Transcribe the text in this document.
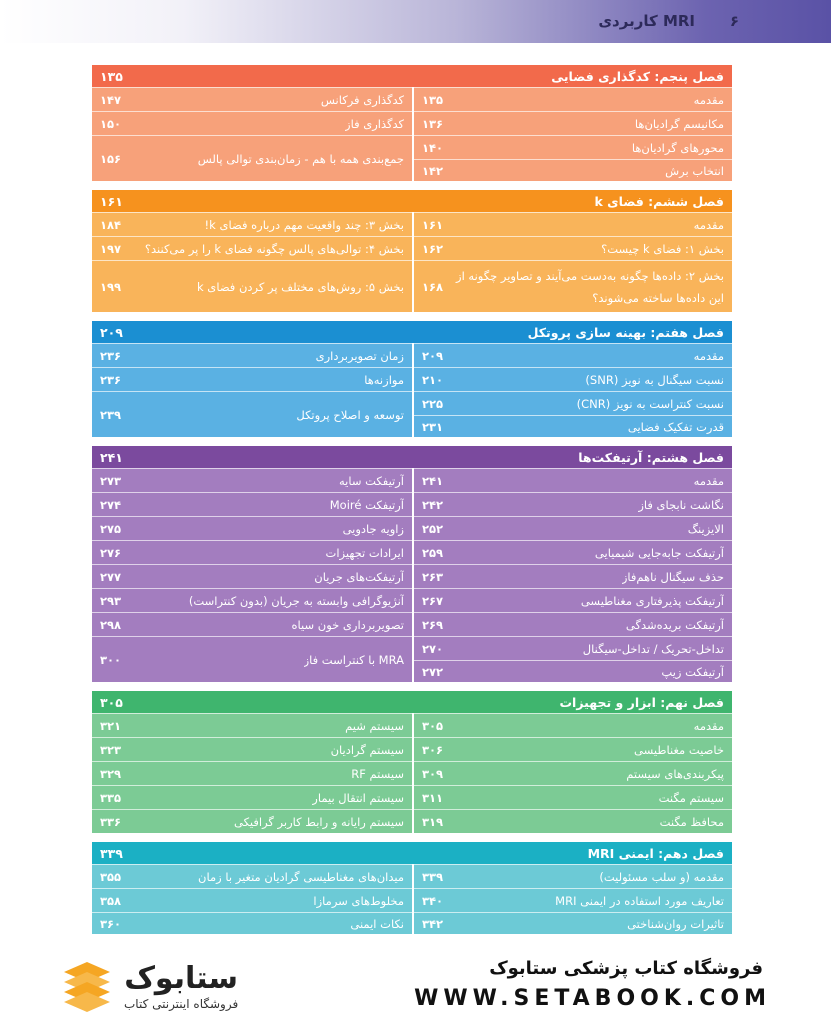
MRI کاربردی ۶
فصل پنجم: کدگذاری فضایی
۱۳۵
مقدمه
۱۳۵
مکانیسم گرادیان‌ها
۱۳۶
محورهای گرادیان‌ها
۱۴۰
انتخاب برش
۱۴۲
کدگذاری فرکانس
۱۴۷
کدگذاری فاز
۱۵۰
جمع‌بندی همه با هم - زمان‌بندی توالی پالس
۱۵۶
فصل ششم: فضای k
۱۶۱
مقدمه
۱۶۱
بخش ۱: فضای k چیست؟
۱۶۲
بخش ۲: داده‌ها چگونه به‌دست می‌آیند و تصاویر چگونه از این داده‌ها ساخته می‌شوند؟
۱۶۸
بخش ۳: چند واقعیت مهم درباره فضای k!
۱۸۴
بخش ۴: توالی‌های پالس چگونه فضای k را پر می‌کنند؟
۱۹۷
بخش ۵: روش‌های مختلف پر کردن فضای k
۱۹۹
فصل هفتم: بهینه سازی پروتکل
۲۰۹
مقدمه
۲۰۹
نسبت سیگنال به نویز (SNR)
۲۱۰
نسبت کنتراست به نویز (CNR)
۲۲۵
قدرت تفکیک فضایی
۲۳۱
زمان تصویربرداری
۲۳۶
موازنه‌ها
۲۳۶
توسعه و اصلاح پروتکل
۲۳۹
فصل هشتم: آرتیفکت‌ها
۲۴۱
مقدمه
۲۴۱
نگاشت نابجای فاز
۲۴۲
الایزینگ
۲۵۲
آرتیفکت جابه‌جایی شیمیایی
۲۵۹
حذف سیگنال ناهم‌فاز
۲۶۳
آرتیفکت پذیرفتاری مغناطیسی
۲۶۷
آرتیفکت بریده‌شدگی
۲۶۹
تداخل-تحریک / تداخل-سیگنال
۲۷۰
آرتیفکت زیپ
۲۷۲
آرتیفکت سایه
۲۷۳
آرتیفکت Moiré
۲۷۴
زاویه جادویی
۲۷۵
ایرادات تجهیزات
۲۷۶
آرتیفکت‌های جریان
۲۷۷
آنژیوگرافی وابسته به جریان (بدون کنتراست)
۲۹۳
تصویربرداری خون سیاه
۲۹۸
MRA با کنتراست فاز
۳۰۰
فصل نهم: ابزار و تجهیزات
۳۰۵
مقدمه
۳۰۵
خاصیت مغناطیسی
۳۰۶
پیکربندی‌های سیستم
۳۰۹
سیستم مگنت
۳۱۱
محافظ مگنت
۳۱۹
سیستم شیم
۳۲۱
سیستم گرادیان
۳۲۳
سیستم RF
۳۲۹
سیستم انتقال بیمار
۳۳۵
سیستم رایانه و رابط کاربر گرافیکی
۳۳۶
فصل دهم: ایمنی MRI
۳۳۹
مقدمه (و سلب مسئولیت)
۳۳۹
تعاریف مورد استفاده در ایمنی MRI
۳۴۰
تاثیرات روان‌شناختی
۳۴۲
میدان‌های مغناطیسی گرادیان متغیر با زمان
۳۵۵
مخلوط‌های سرمازا
۳۵۸
نکات ایمنی
۳۶۰
ستابوک
فروشگاه اینترنتی کتاب
فروشگاه کتاب پزشکی ستابوک
WWW.SETABOOK.COM
